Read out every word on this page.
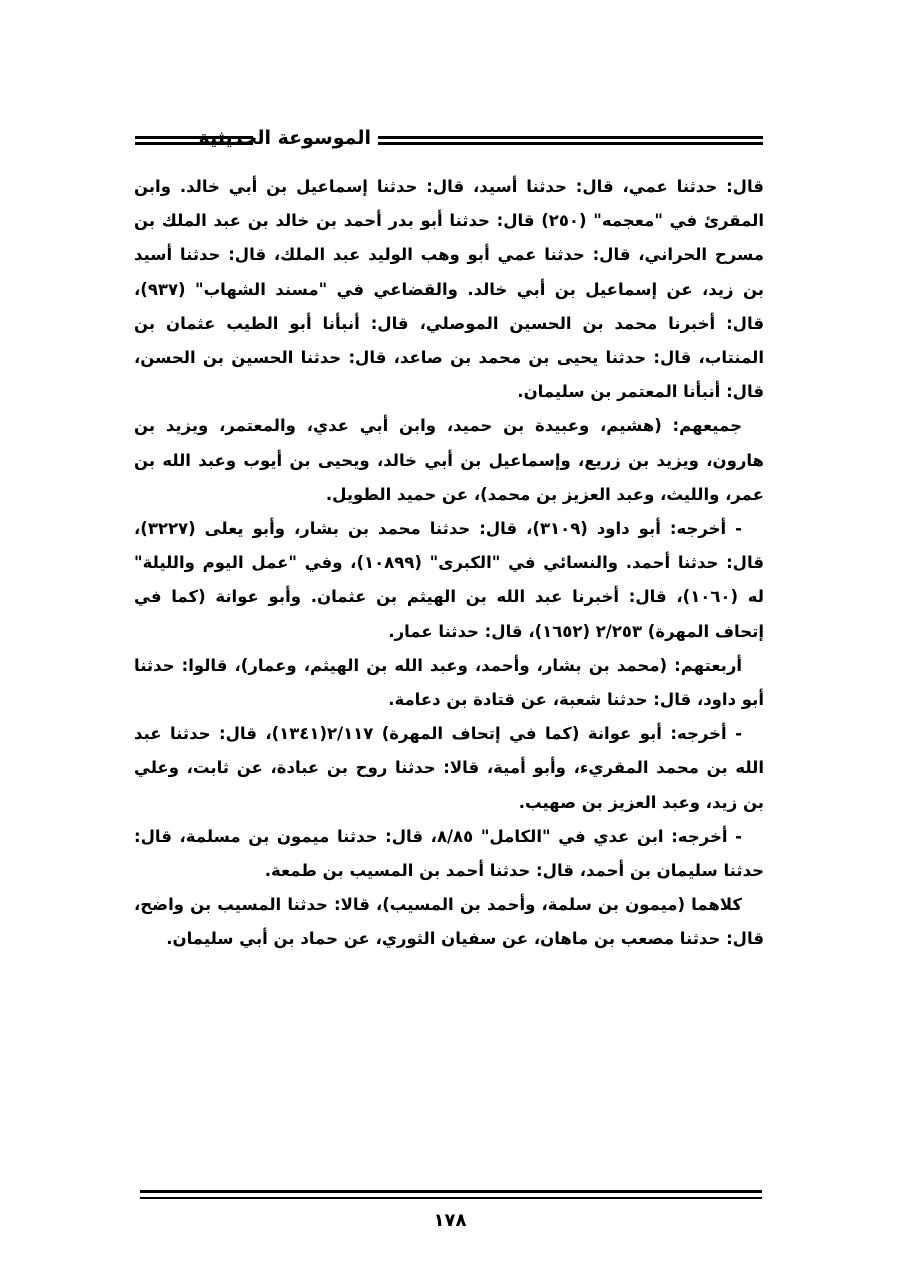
الموسوعة الحديثية

قال: حدثنا عمي، قال: حدثنا أسيد، قال: حدثنا إسماعيل بن أبي خالد. وابن المقرئ في "معجمه" (٢٥٠) قال: حدثنا أبو بدر أحمد بن خالد بن عبد الملك بن مسرح الحراني، قال: حدثنا عمي أبو وهب الوليد عبد الملك، قال: حدثنا أسيد بن زيد، عن إسماعيل بن أبي خالد. والقضاعي في "مسند الشهاب" (٩٣٧)، قال: أخبرنا محمد بن الحسين الموصلي، قال: أنبأنا أبو الطيب عثمان بن المنتاب، قال: حدثنا يحيى بن محمد بن صاعد، قال: حدثنا الحسين بن الحسن، قال: أنبأنا المعتمر بن سليمان.

جميعهم: (هشيم، وعبيدة بن حميد، وابن أبي عدي، والمعتمر، ويزيد بن هارون، ويزيد بن زريع، وإسماعيل بن أبي خالد، ويحيى بن أيوب وعبد الله بن عمر، والليث، وعبد العزيز بن محمد)، عن حميد الطويل.

- أخرجه: أبو داود (٣١٠٩)، قال: حدثنا محمد بن بشار، وأبو يعلى (٣٢٢٧)، قال: حدثنا أحمد. والنسائي في "الكبرى" (١٠٨٩٩)، وفي "عمل اليوم والليلة" له (١٠٦٠)، قال: أخبرنا عبد الله بن الهيثم بن عثمان. وأبو عوانة (كما في إتحاف المهرة) ٢/٢٥٣ (١٦٥٢)، قال: حدثنا عمار.

أربعتهم: (محمد بن بشار، وأحمد، وعبد الله بن الهيثم، وعمار)، قالوا: حدثنا أبو داود، قال: حدثنا شعبة، عن قتادة بن دعامة.

- أخرجه: أبو عوانة (كما في إتحاف المهرة) ٢/١١٧(١٣٤١)، قال: حدثنا عبد الله بن محمد المقريء، وأبو أمية، قالا: حدثنا روح بن عبادة، عن ثابت، وعلي بن زيد، وعبد العزيز بن صهيب.

- أخرجه: ابن عدي في "الكامل" ٨/٨٥، قال: حدثنا ميمون بن مسلمة، قال: حدثنا سليمان بن أحمد، قال: حدثنا أحمد بن المسيب بن طمعة.

كلاهما (ميمون بن سلمة، وأحمد بن المسيب)، قالا: حدثنا المسيب بن واضح، قال: حدثنا مصعب بن ماهان، عن سفيان الثوري، عن حماد بن أبي سليمان.

١٧٨
